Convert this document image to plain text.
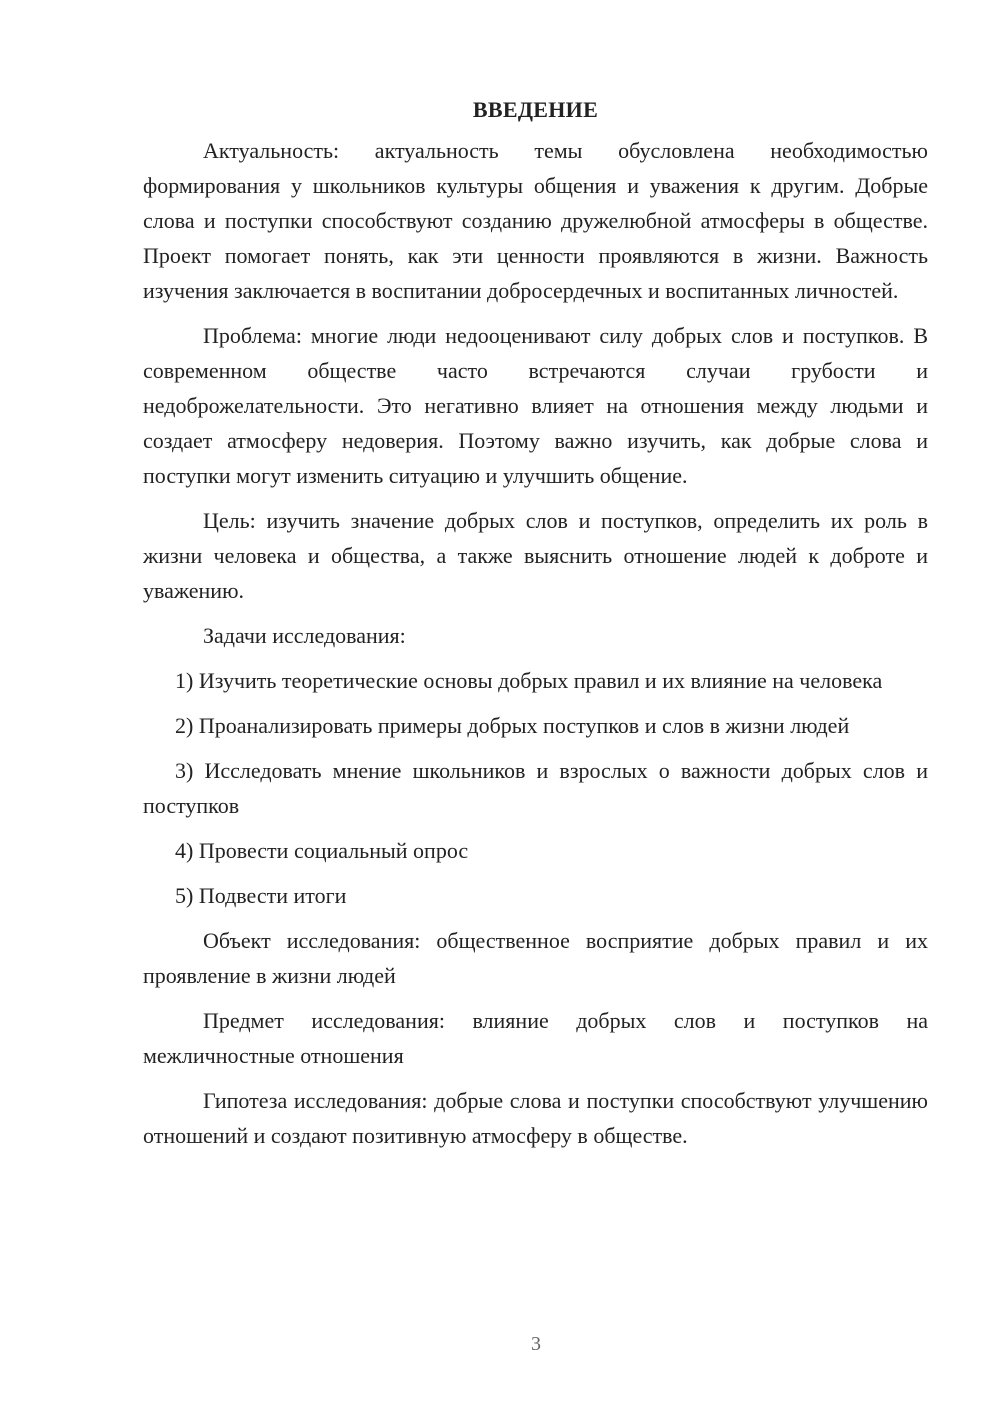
ВВЕДЕНИЕ

Актуальность: актуальность темы обусловлена необходимостью формирования у школьников культуры общения и уважения к другим. Добрые слова и поступки способствуют созданию дружелюбной атмосферы в обществе. Проект помогает понять, как эти ценности проявляются в жизни. Важность изучения заключается в воспитании добросердечных и воспитанных личностей.

Проблема: многие люди недооценивают силу добрых слов и поступков. В современном обществе часто встречаются случаи грубости и недоброжелательности. Это негативно влияет на отношения между людьми и создает атмосферу недоверия. Поэтому важно изучить, как добрые слова и поступки могут изменить ситуацию и улучшить общение.

Цель: изучить значение добрых слов и поступков, определить их роль в жизни человека и общества, а также выяснить отношение людей к доброте и уважению.

Задачи исследования:

1) Изучить теоретические основы добрых правил и их влияние на человека

2) Проанализировать примеры добрых поступков и слов в жизни людей

3) Исследовать мнение школьников и взрослых о важности добрых слов и поступков

4) Провести социальный опрос

5) Подвести итоги

Объект исследования: общественное восприятие добрых правил и их проявление в жизни людей

Предмет исследования: влияние добрых слов и поступков на межличностные отношения

Гипотеза исследования: добрые слова и поступки способствуют улучшению отношений и создают позитивную атмосферу в обществе.

3
